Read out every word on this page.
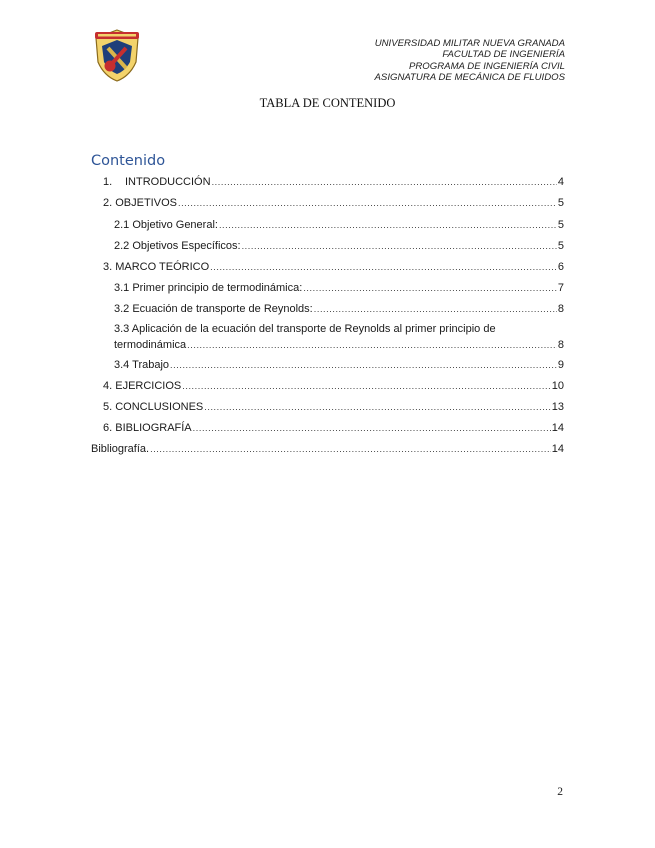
UNIVERSIDAD MILITAR NUEVA GRANADA
FACULTAD DE INGENIERÍA
PROGRAMA DE INGENIERÍA CIVIL
ASIGNATURA DE MECÁNICA DE FLUIDOS
TABLA DE CONTENIDO
Contenido
1. INTRODUCCIÓN .....	4
2. OBJETIVOS .....	5
2.1 Objetivo General: .....	5
2.2 Objetivos Específicos: .....	5
3. MARCO TEÓRICO .....	6
3.1 Primer principio de termodinámica: .....	7
3.2 Ecuación de transporte de Reynolds: .....	8
3.3 Aplicación de la ecuación del transporte de Reynolds al primer principio de
termodinámica .....	8
3.4 Trabajo .....	9
4. EJERCICIOS .....	10
5. CONCLUSIONES .....	13
6. BIBLIOGRAFÍA .....	14
Bibliografía. .....	14
2
